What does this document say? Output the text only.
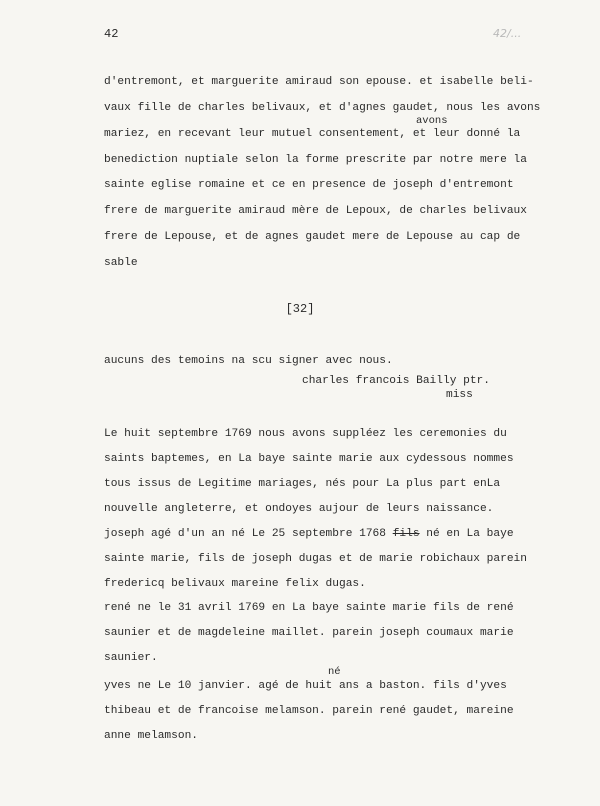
42	42/...
d'entremont, et marguerite amiraud son epouse. et isabelle beli-
vaux fille de charles belivaux, et d'agnes gaudet, nous les avons
avons
mariez, en recevant leur mutuel consentement, et leur donné la
benediction nuptiale selon la forme prescrite par notre mere la
sainte eglise romaine et ce en presence de joseph d'entremont
frere de marguerite amiraud mère de Lepoux, de charles belivaux
frere de Lepouse, et de agnes gaudet mere de Lepouse au cap de
sable
[32]
aucuns des temoins na scu signer avec nous.
charles francois Bailly ptr.
miss
Le huit septembre 1769 nous avons suppléez les ceremonies du
saints baptemes, en La baye sainte marie aux cydessous nommes
tous issus de Legitime mariages, nés pour La plus part enLa
nouvelle angleterre, et ondoyes aujour de leurs naissance.
joseph agé d'un an né Le 25 septembre 1768 fils né en La baye
sainte marie, fils de joseph dugas et de marie robichaux parein
fredericq belivaux mareine felix dugas.
rené ne le 31 avril 1769 en La baye sainte marie fils de rené
saunier et de magdeleine maillet. parein joseph coumaux marie
saunier.
né
yves ne Le 10 janvier. agé de huit ans a baston. fils d'yves
thibeau et de francoise melamson. parein rené gaudet, mareine
anne melamson.
